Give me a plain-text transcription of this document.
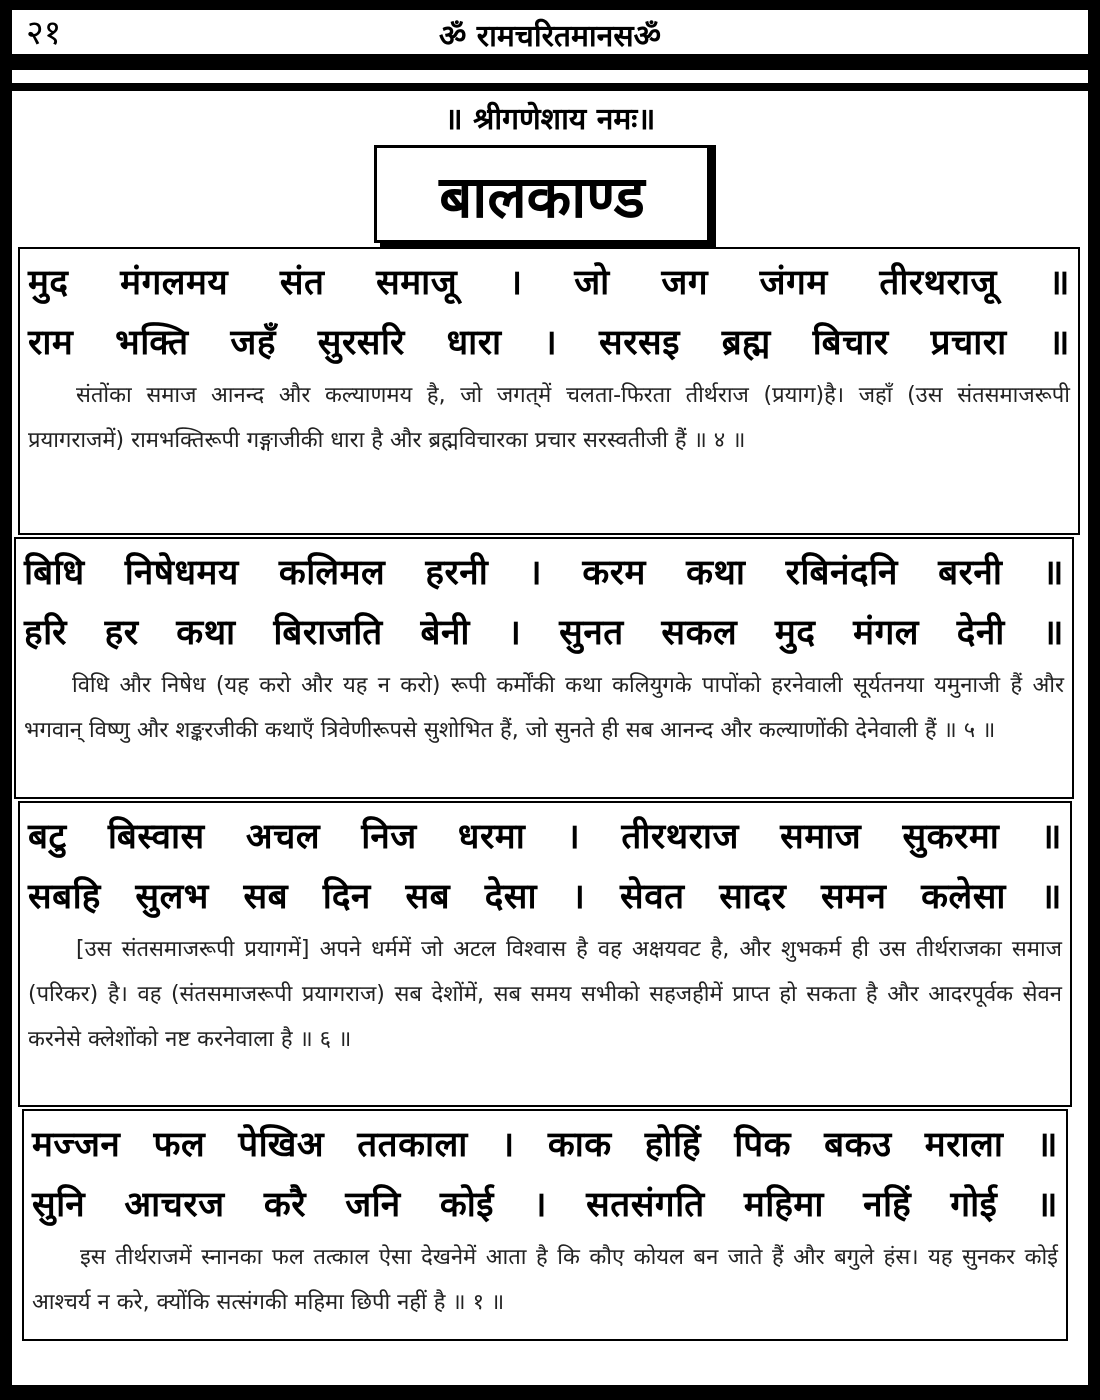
२१	ॐ रामचरितमानसॐ
॥ श्रीगणेशाय नमः॥
बालकाण्ड
मुद मंगलमय संत समाजू । जो जग जंगम तीरथराजू ॥
राम भक्ति जहँ सुरसरि धारा । सरसइ ब्रह्म बिचार प्रचारा ॥
संतोंका समाज आनन्द और कल्याणमय है, जो जगत्‌में चलता-फिरता तीर्थराज (प्रयाग)है। जहाँ (उस संतसमाजरूपी प्रयागराजमें) रामभक्तिरूपी गङ्गाजीकी धारा है और ब्रह्मविचारका प्रचार सरस्वतीजी हैं ॥ ४ ॥
बिधि निषेधमय कलिमल हरनी । करम कथा रबिनंदनि बरनी ॥
हरि हर कथा बिराजति बेनी । सुनत सकल मुद मंगल देनी ॥
विधि और निषेध (यह करो और यह न करो) रूपी कर्मोंकी कथा कलियुगके पापोंको हरनेवाली सूर्यतनया यमुनाजी हैं और भगवान् विष्णु और शङ्करजीकी कथाएँ त्रिवेणीरूपसे सुशोभित हैं, जो सुनते ही सब आनन्द और कल्याणोंकी देनेवाली हैं ॥ ५ ॥
बटु बिस्वास अचल निज धरमा । तीरथराज समाज सुकरमा ॥
सबहि सुलभ सब दिन सब देसा । सेवत सादर समन कलेसा ॥
[उस संतसमाजरूपी प्रयागमें] अपने धर्ममें जो अटल विश्वास है वह अक्षयवट है, और शुभकर्म ही उस तीर्थराजका समाज (परिकर) है। वह (संतसमाजरूपी प्रयागराज) सब देशोंमें, सब समय सभीको सहजहीमें प्राप्त हो सकता है और आदरपूर्वक सेवन करनेसे क्लेशोंको नष्ट करनेवाला है ॥ ६ ॥
मज्जन फल पेखिअ ततकाला । काक होहिं पिक बकउ मराला ॥
सुनि आचरज करै जनि कोई । सतसंगति महिमा नहिं गोई ॥
इस तीर्थराजमें स्नानका फल तत्काल ऐसा देखनेमें आता है कि कौए कोयल बन जाते हैं और बगुले हंस। यह सुनकर कोई आश्चर्य न करे, क्योंकि सत्संगकी महिमा छिपी नहीं है ॥ १ ॥
